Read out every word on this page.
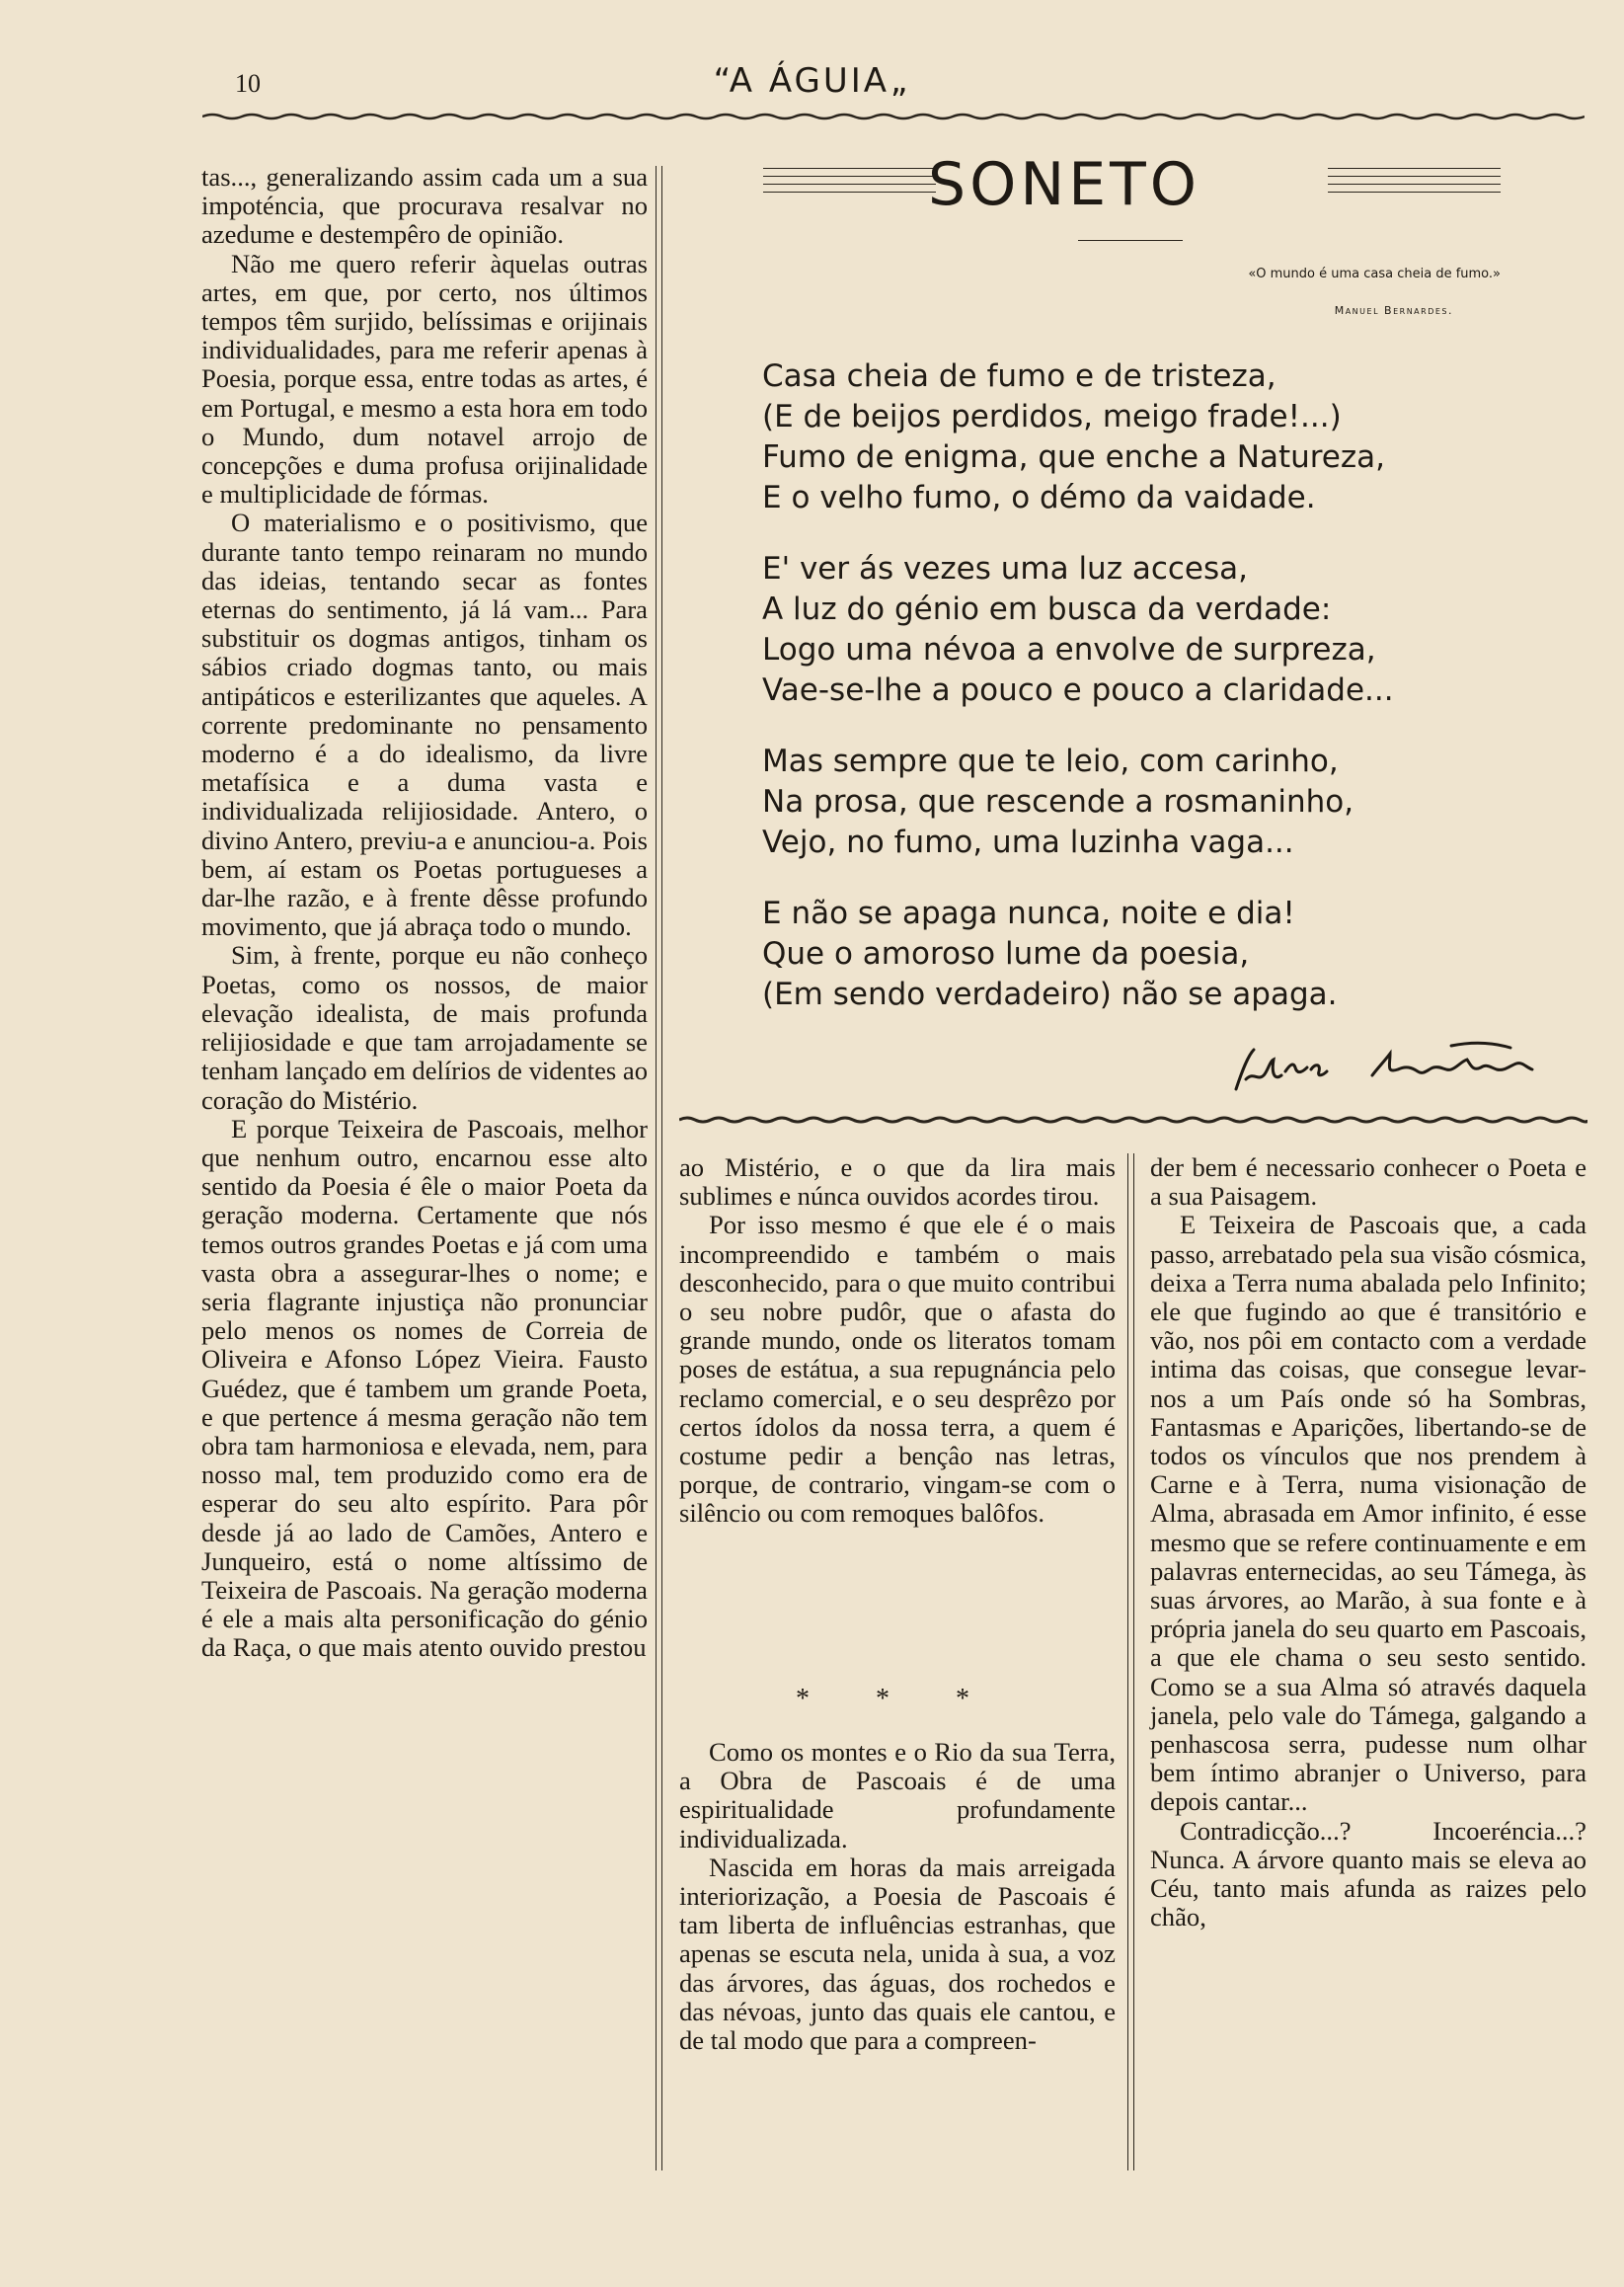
10	“A ÁGUIA„

tas..., generalizando assim cada um a sua impoténcia, que procurava resalvar no azedume e destempêro de opinião.

Não me quero referir àquelas outras artes, em que, por certo, nos últimos tempos têm surjido, belíssimas e orijinais individualidades, para me referir apenas à Poesia, porque essa, entre todas as artes, é em Portugal, e mesmo a esta hora em todo o Mundo, dum notavel arrojo de concepções e duma profusa orijinalidade e multiplicidade de fórmas.

O materialismo e o positivismo, que durante tanto tempo reinaram no mundo das ideias, tentando secar as fontes eternas do sentimento, já lá vam... Para substituir os dogmas antigos, tinham os sábios criado dogmas tanto, ou mais antipáticos e esterilizantes que aqueles. A corrente predominante no pensamento moderno é a do idealismo, da livre metafísica e a duma vasta e individualizada relijiosidade. Antero, o divino Antero, previu-a e anunciou-a. Pois bem, aí estam os Poetas portugueses a dar-lhe razão, e à frente dêsse profundo movimento, que já abraça todo o mundo.

Sim, à frente, porque eu não conheço Poetas, como os nossos, de maior elevação idealista, de mais profunda relijiosidade e que tam arrojadamente se tenham lançado em delírios de videntes ao coração do Mistério.

E porque Teixeira de Pascoais, melhor que nenhum outro, encarnou esse alto sentido da Poesia é êle o maior Poeta da geração moderna. Certamente que nós temos outros grandes Poetas e já com uma vasta obra a assegurar-lhes o nome; e seria flagrante injustiça não pronunciar pelo menos os nomes de Correia de Oliveira e Afonso López Vieira. Fausto Guédez, que é tambem um grande Poeta, e que pertence á mesma geração não tem obra tam harmoniosa e elevada, nem, para nosso mal, tem produzido como era de esperar do seu alto espírito. Para pôr desde já ao lado de Camões, Antero e Junqueiro, está o nome altíssimo de Teixeira de Pascoais. Na geração moderna é ele a mais alta personificação do génio da Raça, o que mais atento ouvido prestou

SONETO
«O mundo é uma casa cheia de fumo.»
Manuel Bernardes.
Casa cheia de fumo e de tristeza,
(E de beijos perdidos, meigo frade!...)
Fumo de enigma, que enche a Natureza,
E o velho fumo, o démo da vaidade.
E' ver ás vezes uma luz accesa,
A luz do génio em busca da verdade:
Logo uma névoa a envolve de surpreza,
Vae-se-lhe a pouco e pouco a claridade...
Mas sempre que te leio, com carinho,
Na prosa, que rescende a rosmaninho,
Vejo, no fumo, uma luzinha vaga...
E não se apaga nunca, noite e dia!
Que o amoroso lume da poesia,
(Em sendo verdadeiro) não se apaga.

ao Mistério, e o que da lira mais sublimes e núnca ouvidos acordes tirou.

Por isso mesmo é que ele é o mais incompreendido e também o mais desconhecido, para o que muito contribui o seu nobre pudôr, que o afasta do grande mundo, onde os literatos tomam poses de estátua, a sua repugnáncia pelo reclamo comercial, e o seu desprêzo por certos ídolos da nossa terra, a quem é costume pedir a bençâo nas letras, porque, de contrario, vingam-se com o silêncio ou com remoques balôfos.

* * *

Como os montes e o Rio da sua Terra, a Obra de Pascoais é de uma espiritualidade profundamente individualizada.

Nascida em horas da mais arreigada interiorização, a Poesia de Pascoais é tam liberta de influências estranhas, que apenas se escuta nela, unida à sua, a voz das árvores, das águas, dos rochedos e das névoas, junto das quais ele cantou, e de tal modo que para a compreen-

der bem é necessario conhecer o Poeta e a sua Paisagem.

E Teixeira de Pascoais que, a cada passo, arrebatado pela sua visão cósmica, deixa a Terra numa abalada pelo Infinito; ele que fugindo ao que é transitório e vão, nos pôi em contacto com a verdade intima das coisas, que consegue levar-nos a um País onde só ha Sombras, Fantasmas e Aparições, libertando-se de todos os vínculos que nos prendem à Carne e à Terra, numa visionação de Alma, abrasada em Amor infinito, é esse mesmo que se refere continuamente e em palavras enternecidas, ao seu Támega, às suas árvores, ao Marão, à sua fonte e à própria janela do seu quarto em Pascoais, a que ele chama o seu sesto sentido. Como se a sua Alma só através daquela janela, pelo vale do Támega, galgando a penhascosa serra, pudesse num olhar bem íntimo abranjer o Universo, para depois cantar...

Contradicção...? Incoeréncia...? Nunca. A árvore quanto mais se eleva ao Céu, tanto mais afunda as raizes pelo chão,
